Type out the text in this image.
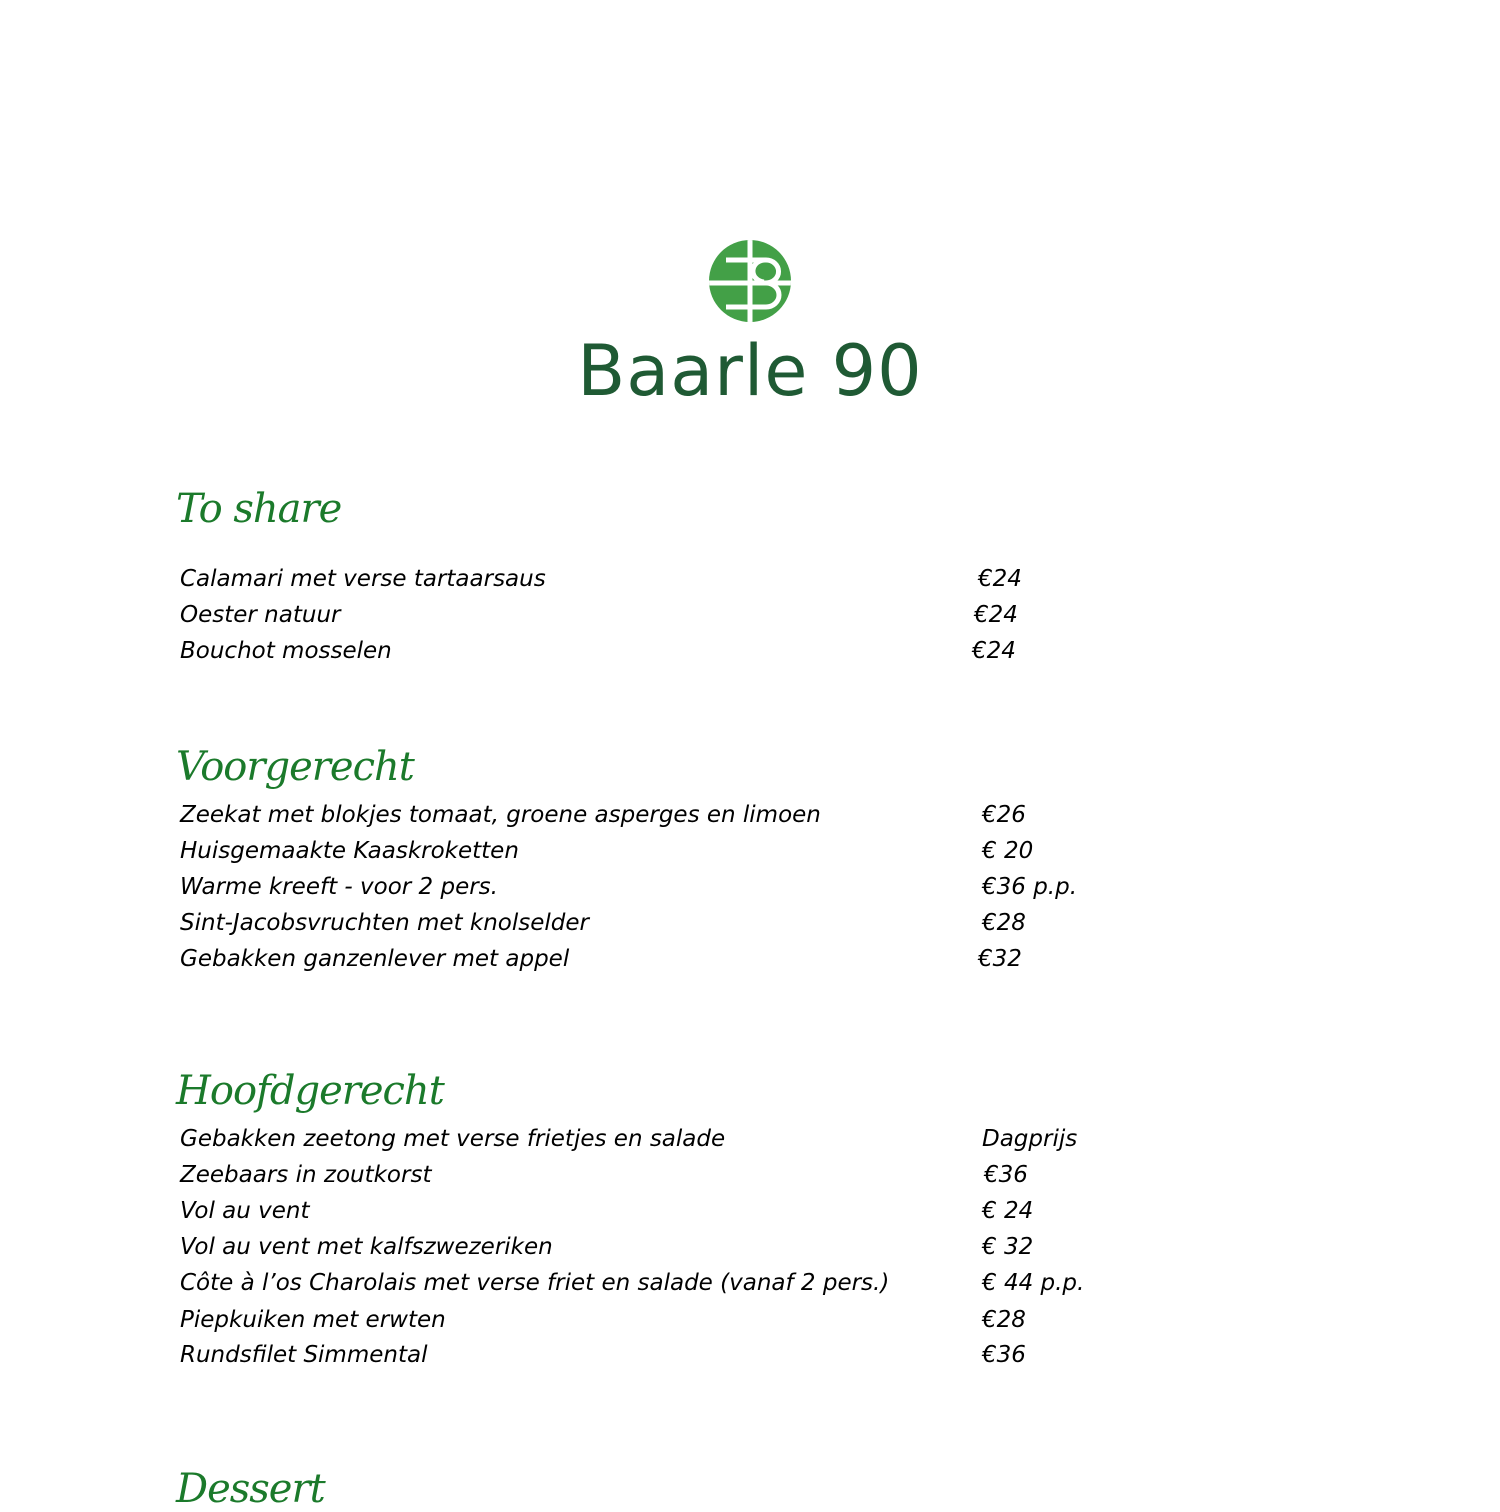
Baarle 90
To share
Calamari met verse tartaarsaus	€24
Oester natuur	€24
Bouchot mosselen	€24
Voorgerecht
Zeekat met blokjes tomaat, groene asperges en limoen	€26
Huisgemaakte Kaaskroketten	€ 20
Warme kreeft - voor 2 pers.	€36 p.p.
Sint-Jacobsvruchten met knolselder	€28
Gebakken ganzenlever met appel	€32
Hoofdgerecht
Gebakken zeetong met verse frietjes en salade	Dagprijs
Zeebaars in zoutkorst	€36
Vol au vent	€ 24
Vol au vent met kalfszwezeriken	€ 32
Côte à l’os Charolais met verse friet en salade (vanaf 2 pers.)	€ 44 p.p.
Piepkuiken met erwten	€28
Rundsfilet Simmental	€36
Dessert
